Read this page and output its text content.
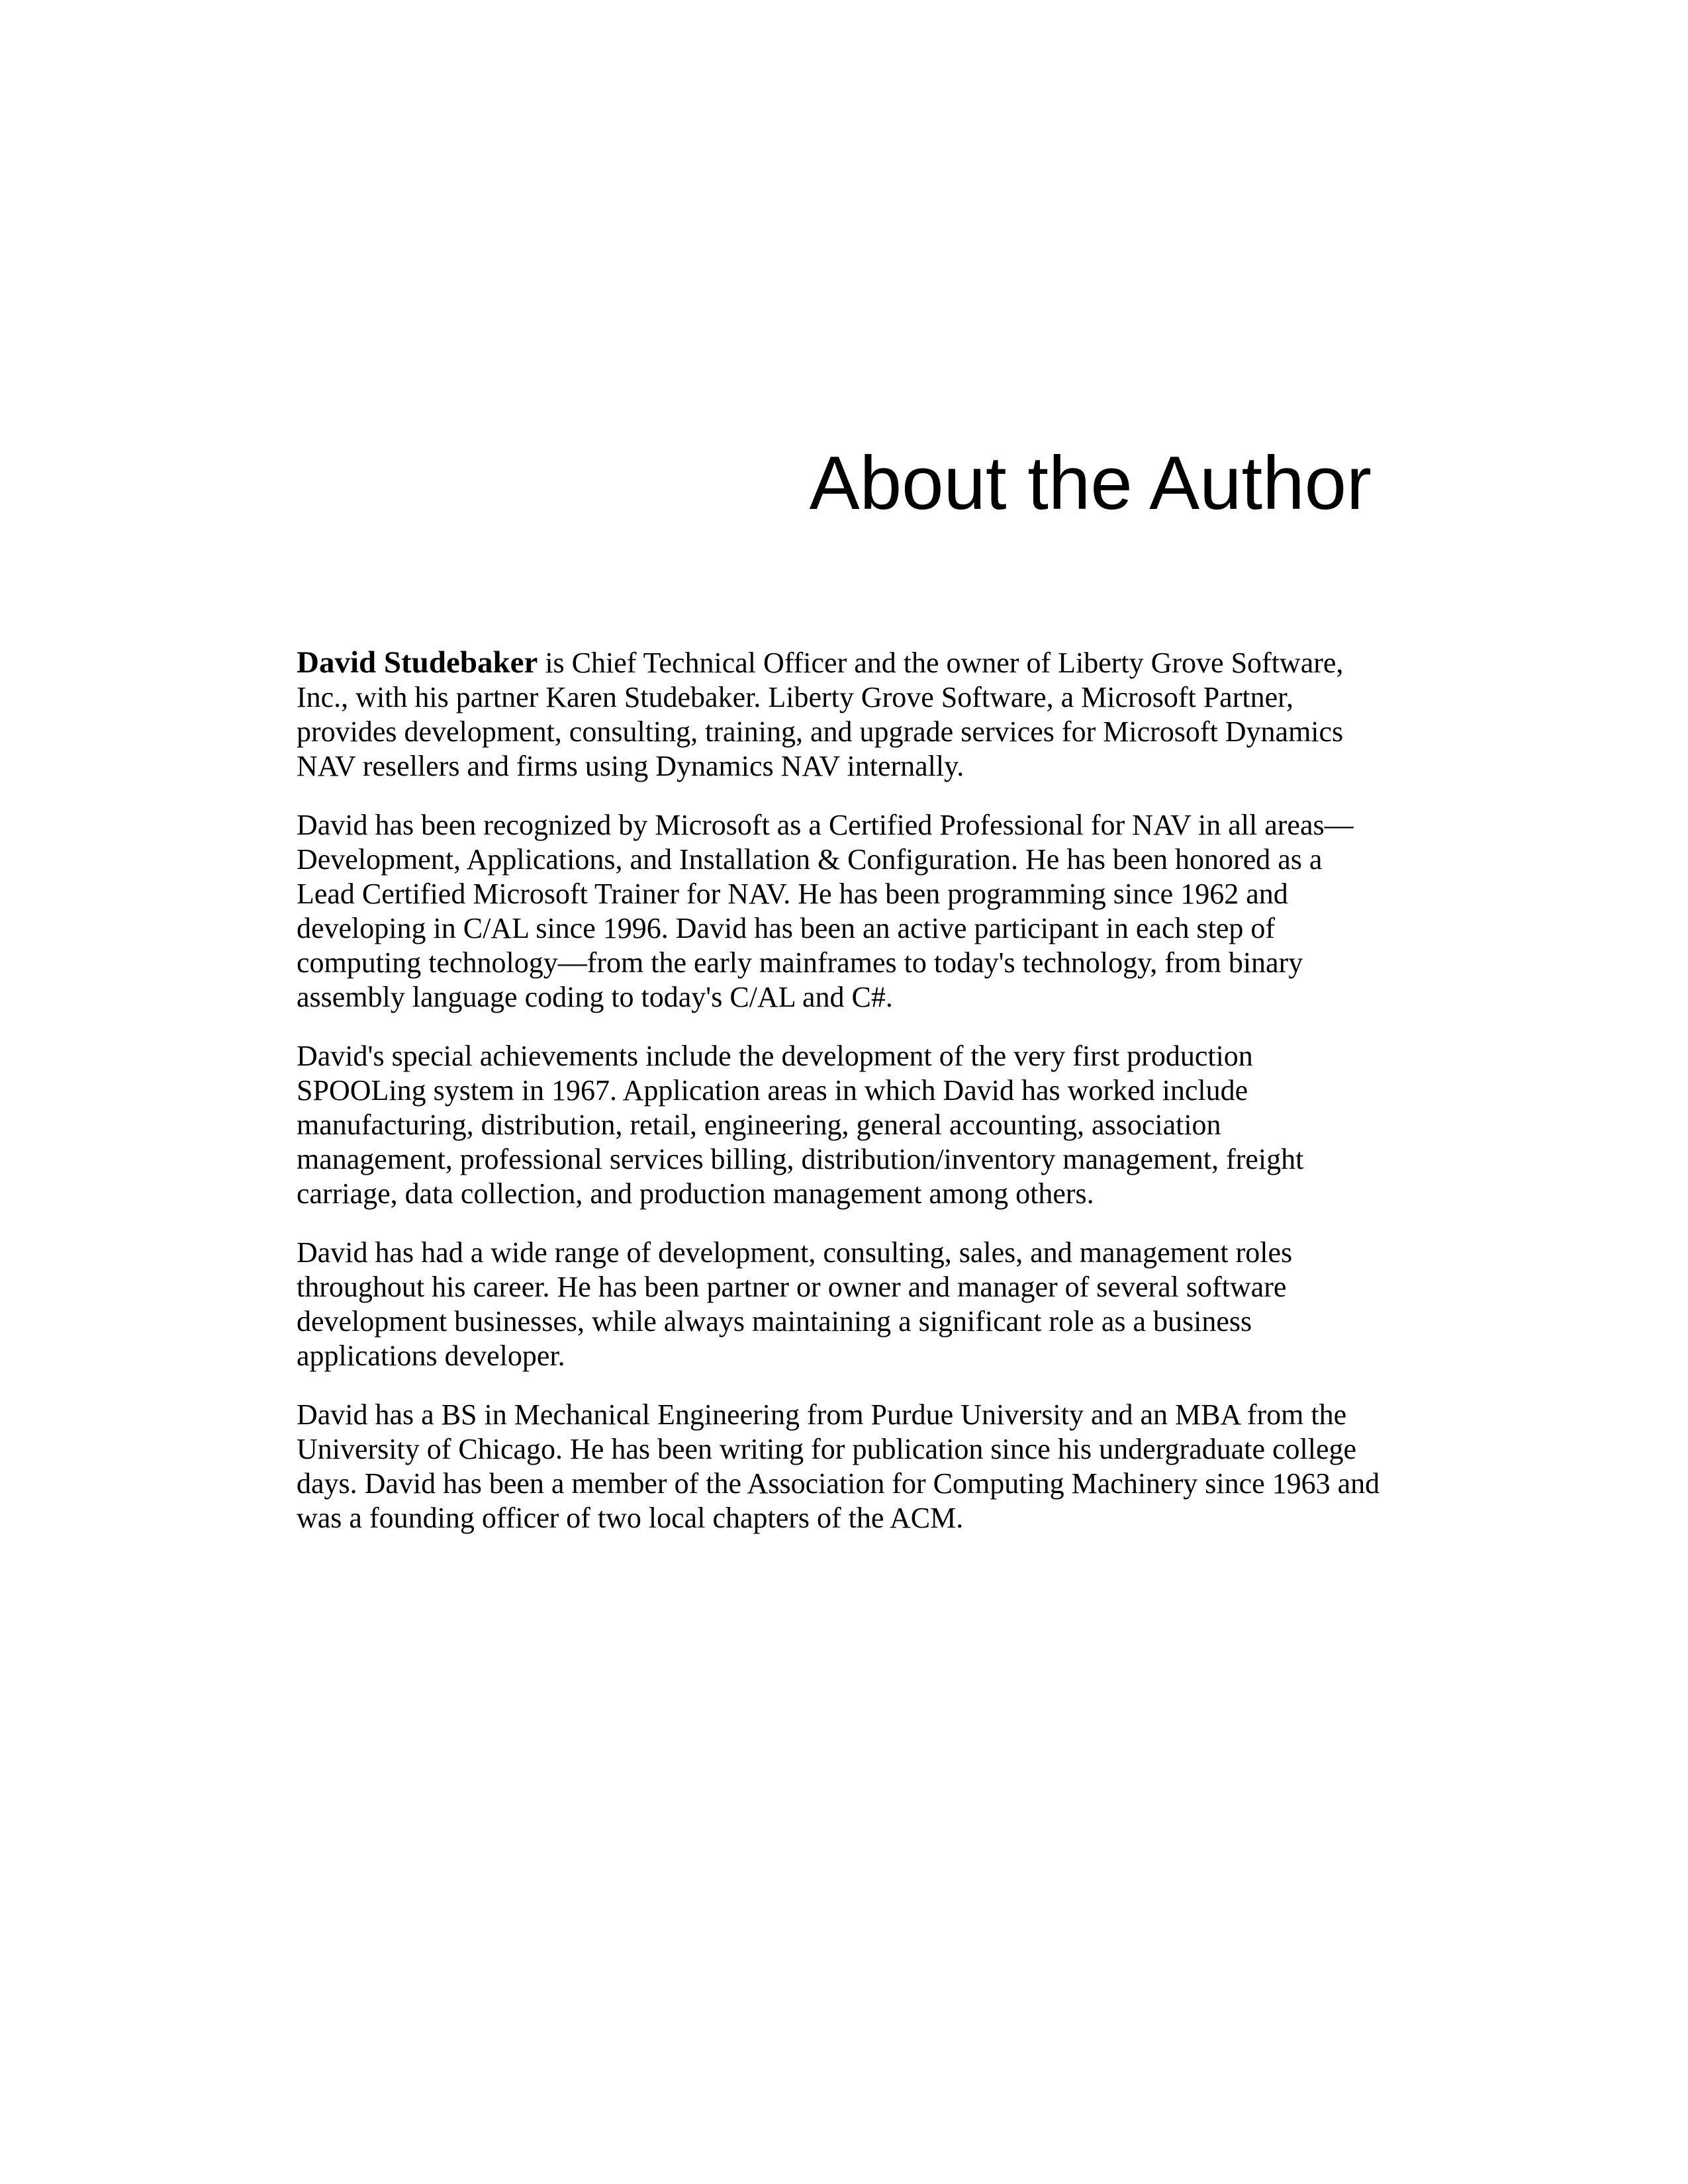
About the Author

David Studebaker is Chief Technical Officer and the owner of Liberty Grove Software, Inc., with his partner Karen Studebaker. Liberty Grove Software, a Microsoft Partner, provides development, consulting, training, and upgrade services for Microsoft Dynamics NAV resellers and firms using Dynamics NAV internally.

David has been recognized by Microsoft as a Certified Professional for NAV in all areas—Development, Applications, and Installation & Configuration. He has been honored as a Lead Certified Microsoft Trainer for NAV. He has been programming since 1962 and developing in C/AL since 1996. David has been an active participant in each step of computing technology—from the early mainframes to today's technology, from binary assembly language coding to today's C/AL and C#.

David's special achievements include the development of the very first production SPOOLing system in 1967. Application areas in which David has worked include manufacturing, distribution, retail, engineering, general accounting, association management, professional services billing, distribution/inventory management, freight carriage, data collection, and production management among others.

David has had a wide range of development, consulting, sales, and management roles throughout his career. He has been partner or owner and manager of several software development businesses, while always maintaining a significant role as a business applications developer.

David has a BS in Mechanical Engineering from Purdue University and an MBA from the University of Chicago. He has been writing for publication since his undergraduate college days. David has been a member of the Association for Computing Machinery since 1963 and was a founding officer of two local chapters of the ACM.
